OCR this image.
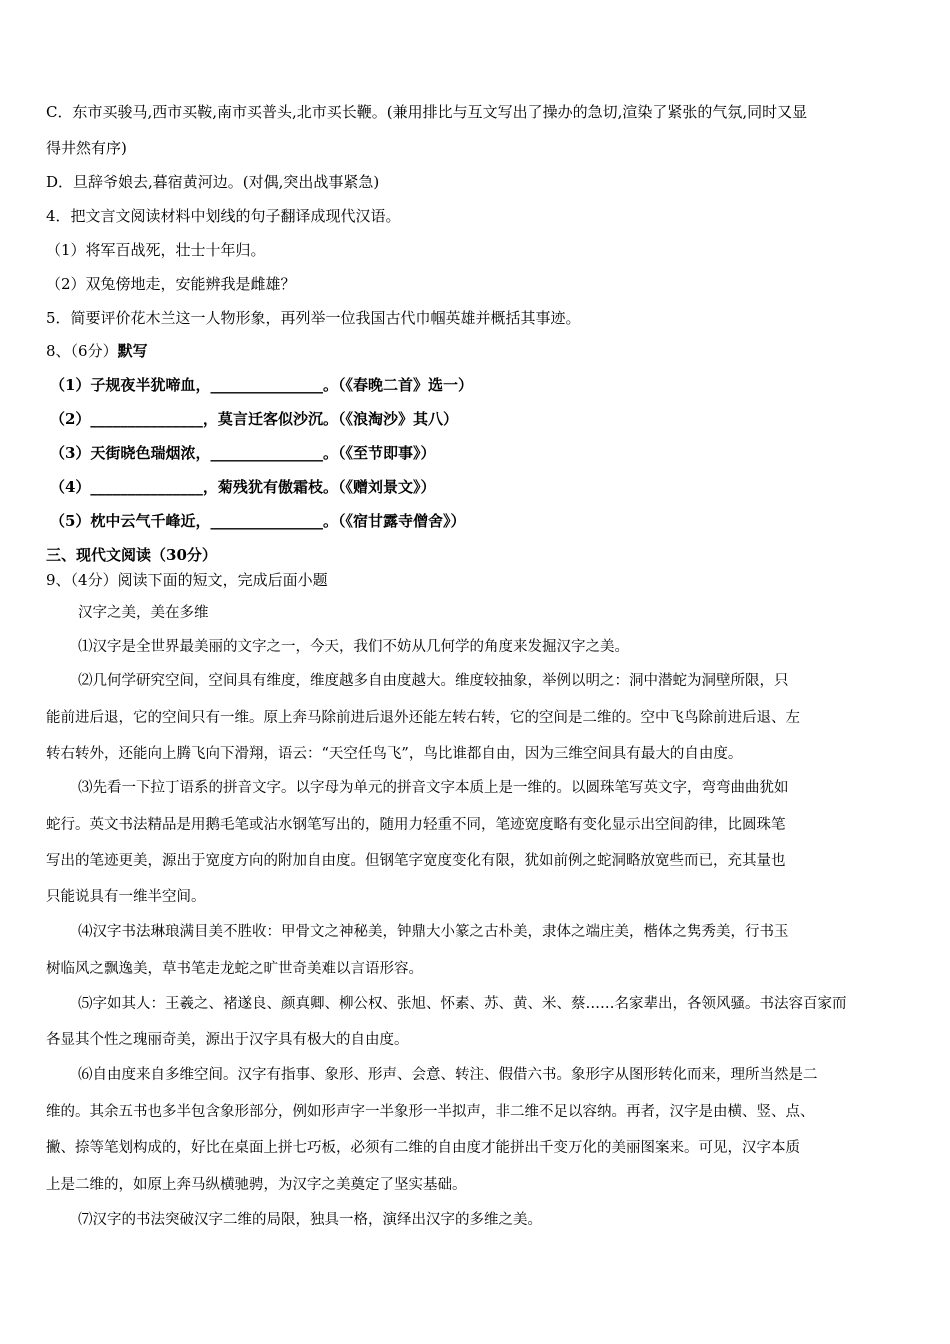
C．东市买骏马,西市买鞍,南市买普头,北市买长鞭。(兼用排比与互文写出了操办的急切,渲染了紧张的气氛,同时又显
得井然有序)
D．旦辞爷娘去,暮宿黄河边。(对偶,突出战事紧急)
4．把文言文阅读材料中划线的句子翻译成现代汉语。
（1）将军百战死，壮士十年归。
（2）双兔傍地走，安能辨我是雌雄？
5．简要评价花木兰这一人物形象，再列举一位我国古代巾帼英雄并概括其事迹。
8、（6分）默写
（1）子规夜半犹啼血，_______________。（《春晚二首》选一）
（2）_______________，莫言迁客似沙沉。（《浪淘沙》其八）
（3）天街晓色瑞烟浓，_______________。（《至节即事》）
（4）_______________，菊残犹有傲霜枝。（《赠刘景文》）
（5）枕中云气千峰近，_______________。（《宿甘露寺僧舍》）
三、现代文阅读（30分）
9、（4分）阅读下面的短文，完成后面小题
汉字之美，美在多维
⑴汉字是全世界最美丽的文字之一，今天，我们不妨从几何学的角度来发掘汉字之美。
⑵几何学研究空间，空间具有维度，维度越多自由度越大。维度较抽象，举例以明之：洞中潜蛇为洞壁所限，只
能前进后退，它的空间只有一维。原上奔马除前进后退外还能左转右转，它的空间是二维的。空中飞鸟除前进后退、左
转右转外，还能向上腾飞向下滑翔，语云：“天空任鸟飞”，鸟比谁都自由，因为三维空间具有最大的自由度。
⑶先看一下拉丁语系的拼音文字。以字母为单元的拼音文字本质上是一维的。以圆珠笔写英文字，弯弯曲曲犹如
蛇行。英文书法精品是用鹅毛笔或沾水钢笔写出的，随用力轻重不同，笔迹宽度略有变化显示出空间韵律，比圆珠笔
写出的笔迹更美，源出于宽度方向的附加自由度。但钢笔字宽度变化有限，犹如前例之蛇洞略放宽些而已，充其量也
只能说具有一维半空间。
⑷汉字书法琳琅满目美不胜收：甲骨文之神秘美，钟鼎大小篆之古朴美，隶体之端庄美，楷体之隽秀美，行书玉
树临风之飘逸美，草书笔走龙蛇之旷世奇美难以言语形容。
⑸字如其人：王羲之、褚遂良、颜真卿、柳公权、张旭、怀素、苏、黄、米、蔡……名家辈出，各领风骚。书法容百家而
各显其个性之瑰丽奇美，源出于汉字具有极大的自由度。
⑹自由度来自多维空间。汉字有指事、象形、形声、会意、转注、假借六书。象形字从图形转化而来，理所当然是二
维的。其余五书也多半包含象形部分，例如形声字一半象形一半拟声，非二维不足以容纳。再者，汉字是由横、竖、点、
撇、捺等笔划构成的，好比在桌面上拼七巧板，必须有二维的自由度才能拼出千变万化的美丽图案来。可见，汉字本质
上是二维的，如原上奔马纵横驰骋，为汉字之美奠定了坚实基础。
⑺汉字的书法突破汉字二维的局限，独具一格，演绎出汉字的多维之美。
